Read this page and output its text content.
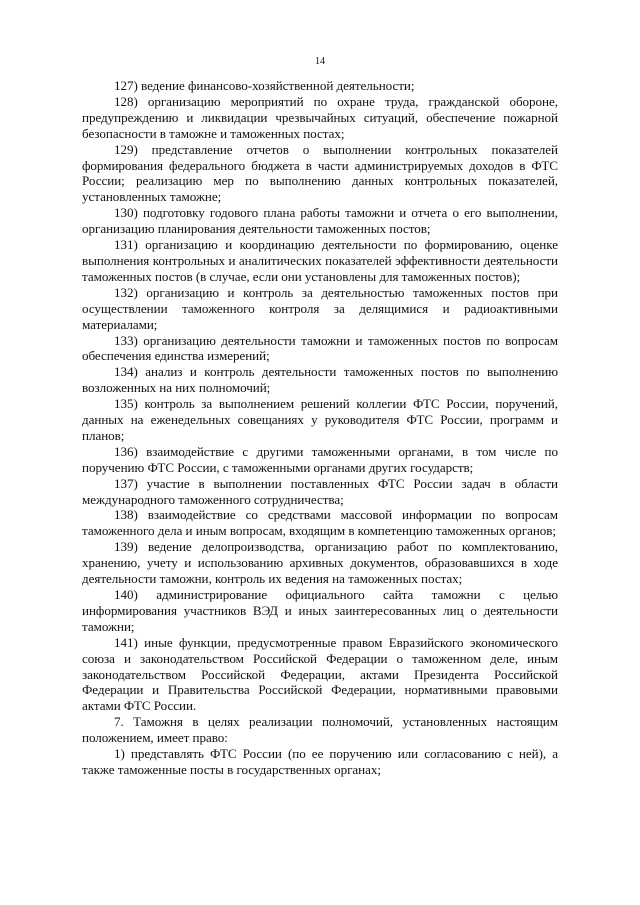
14

127) ведение финансово-хозяйственной деятельности;

128) организацию мероприятий по охране труда, гражданской обороне, предупреждению и ликвидации чрезвычайных ситуаций, обеспечение пожарной безопасности в таможне и таможенных постах;

129) представление отчетов о выполнении контрольных показателей формирования федерального бюджета в части администрируемых доходов в ФТС России; реализацию мер по выполнению данных контрольных показателей, установленных таможне;

130) подготовку годового плана работы таможни и отчета о его выполнении, организацию планирования деятельности таможенных постов;

131) организацию и координацию деятельности по формированию, оценке выполнения контрольных и аналитических показателей эффективности деятельности таможенных постов (в случае, если они установлены для таможенных постов);

132) организацию и контроль за деятельностью таможенных постов при осуществлении таможенного контроля за делящимися и радиоактивными материалами;

133) организацию деятельности таможни и таможенных постов по вопросам обеспечения единства измерений;

134) анализ и контроль деятельности таможенных постов по выполнению возложенных на них полномочий;

135) контроль за выполнением решений коллегии ФТС России, поручений, данных на еженедельных совещаниях у руководителя ФТС России, программ и планов;

136) взаимодействие с другими таможенными органами, в том числе по поручению ФТС России, с таможенными органами других государств;

137) участие в выполнении поставленных ФТС России задач в области международного таможенного сотрудничества;

138) взаимодействие со средствами массовой информации по вопросам таможенного дела и иным вопросам, входящим в компетенцию таможенных органов;

139) ведение делопроизводства, организацию работ по комплектованию, хранению, учету и использованию архивных документов, образовавшихся в ходе деятельности таможни, контроль их ведения на таможенных постах;

140) администрирование официального сайта таможни с целью информирования участников ВЭД и иных заинтересованных лиц о деятельности таможни;

141) иные функции, предусмотренные правом Евразийского экономического союза и законодательством Российской Федерации о таможенном деле, иным законодательством Российской Федерации, актами Президента Российской Федерации и Правительства Российской Федерации, нормативными правовыми актами ФТС России.

7. Таможня в целях реализации полномочий, установленных настоящим положением, имеет право:

1) представлять ФТС России (по ее поручению или согласованию с ней), а также таможенные посты в государственных органах;
